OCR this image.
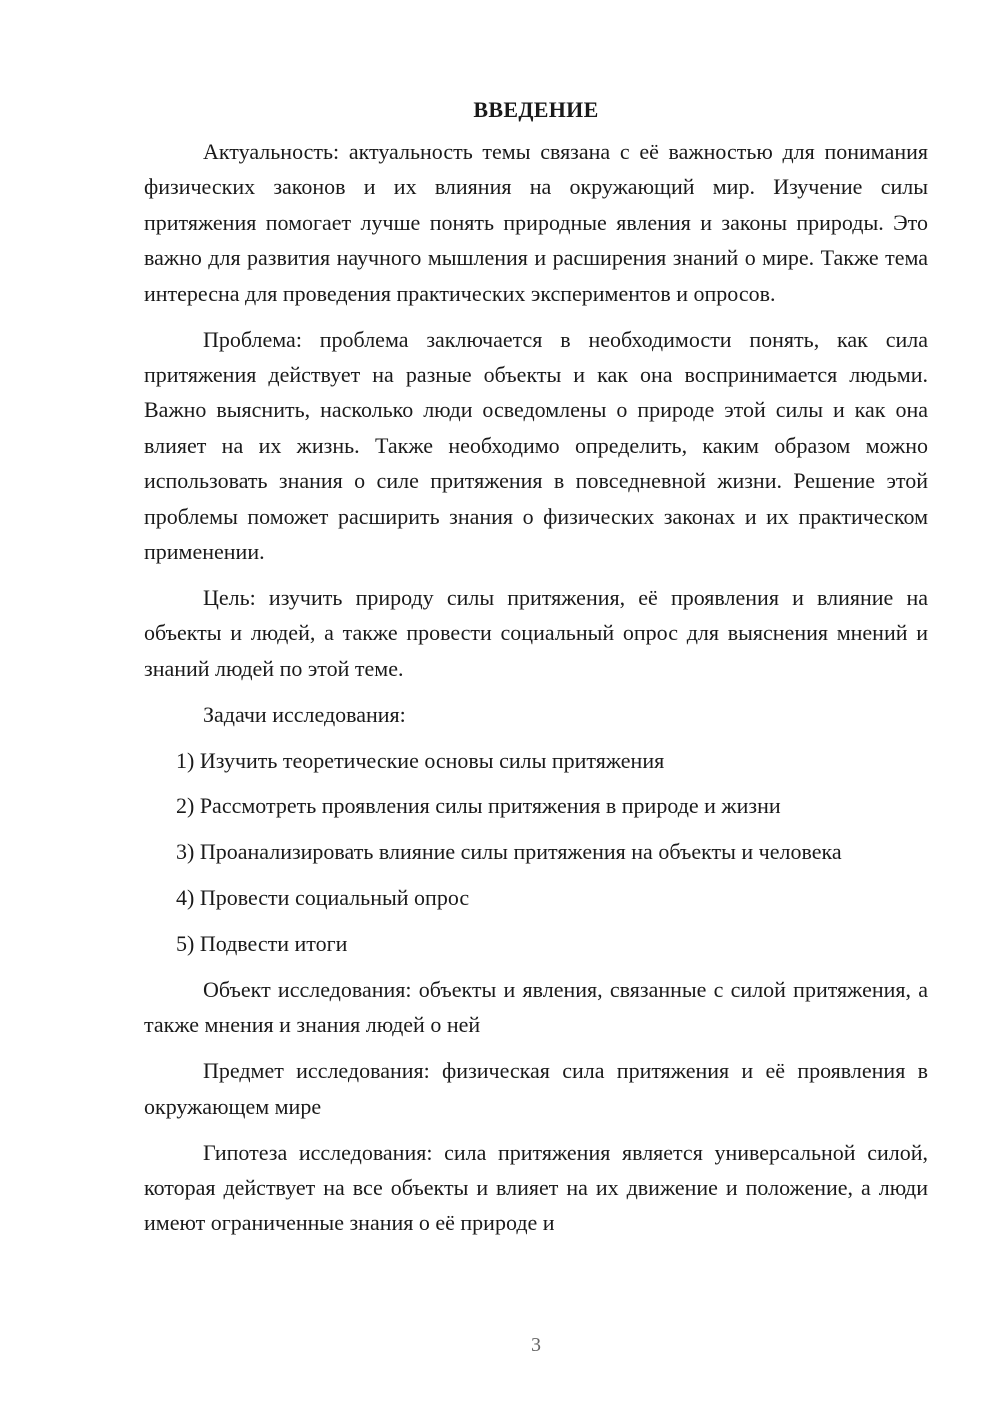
ВВЕДЕНИЕ

Актуальность: актуальность темы связана с её важностью для понимания физических законов и их влияния на окружающий мир. Изучение силы притяжения помогает лучше понять природные явления и законы природы. Это важно для развития научного мышления и расширения знаний о мире. Также тема интересна для проведения практических экспериментов и опросов.

Проблема: проблема заключается в необходимости понять, как сила притяжения действует на разные объекты и как она воспринимается людьми. Важно выяснить, насколько люди осведомлены о природе этой силы и как она влияет на их жизнь. Также необходимо определить, каким образом можно использовать знания о силе притяжения в повседневной жизни. Решение этой проблемы поможет расширить знания о физических законах и их практическом применении.

Цель: изучить природу силы притяжения, её проявления и влияние на объекты и людей, а также провести социальный опрос для выяснения мнений и знаний людей по этой теме.

Задачи исследования:

1) Изучить теоретические основы силы притяжения

2) Рассмотреть проявления силы притяжения в природе и жизни

3) Проанализировать влияние силы притяжения на объекты и человека

4) Провести социальный опрос

5) Подвести итоги

Объект исследования: объекты и явления, связанные с силой притяжения, а также мнения и знания людей о ней

Предмет исследования: физическая сила притяжения и её проявления в окружающем мире

Гипотеза исследования: сила притяжения является универсальной силой, которая действует на все объекты и влияет на их движение и положение, а люди имеют ограниченные знания о её природе и

3
